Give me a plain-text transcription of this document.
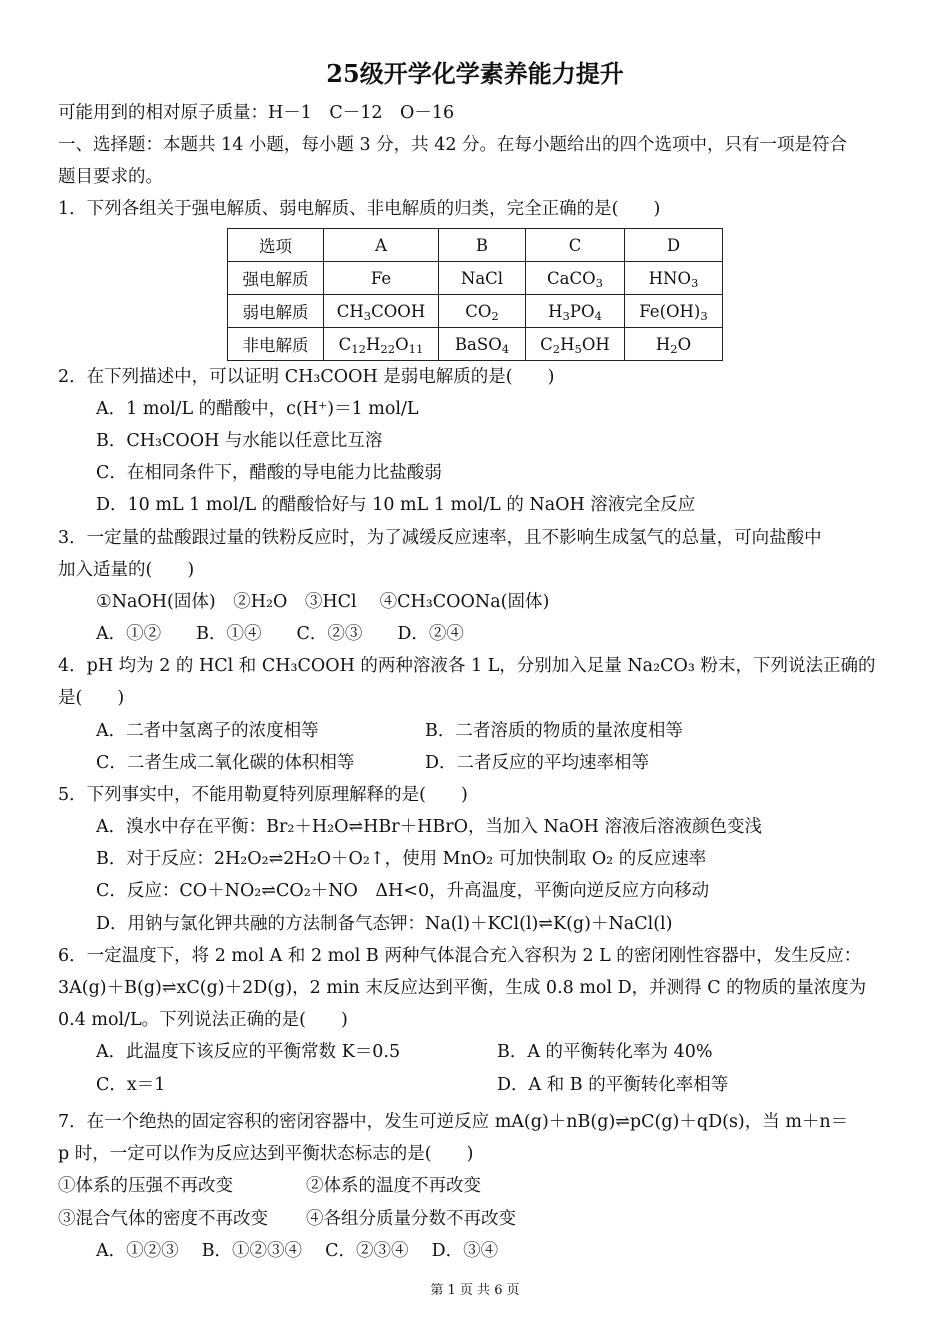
25级开学化学素养能力提升
可能用到的相对原子质量：H－1　C－12　O－16
一、选择题：本题共 14 小题，每小题 3 分，共 42 分。在每小题给出的四个选项中，只有一项是符合
题目要求的。
1．下列各组关于强电解质、弱电解质、非电解质的归类，完全正确的是(　　)
选项	A	B	C	D
强电解质	Fe	NaCl	CaCO$_3$	$HNO_3$
弱电解质	$CH_3COOH$	$CO_2$	$H_3PO_4$	$Fe(OH)_3$
非电解质	$C_{12}H_{22}O_{11}$	BaSO$_4$	$C_2H_5OH$	$H_2O$
2．在下列描述中，可以证明 CH₃COOH 是弱电解质的是(　　)
A．1 mol/L 的醋酸中，c(H⁺)＝1 mol/L
B．CH₃COOH 与水能以任意比互溶
C．在相同条件下，醋酸的导电能力比盐酸弱
D．10 mL 1 mol/L 的醋酸恰好与 10 mL 1 mol/L 的 NaOH 溶液完全反应
3．一定量的盐酸跟过量的铁粉反应时，为了减缓反应速率，且不影响生成氢气的总量，可向盐酸中
加入适量的(　　)
①NaOH(固体)　②H₂O　③HCl　 ④CH₃COONa(固体)
A．①②　　B．①④　　C．②③　　D．②④
4．pH 均为 2 的 HCl 和 CH₃COOH 的两种溶液各 1 L，分别加入足量 Na₂CO₃ 粉末，下列说法正确的
是(　　)
A．二者中氢离子的浓度相等	B．二者溶质的物质的量浓度相等
C．二者生成二氧化碳的体积相等	D．二者反应的平均速率相等
5．下列事实中，不能用勒夏特列原理解释的是(　　)
A．溴水中存在平衡：Br₂＋H₂O⇌HBr＋HBrO，当加入 NaOH 溶液后溶液颜色变浅
B．对于反应：2H₂O₂⇌2H₂O＋O₂↑，使用 MnO₂ 可加快制取 O₂ 的反应速率
C．反应：CO＋NO₂⇌CO₂＋NO　ΔH<0，升高温度，平衡向逆反应方向移动
D．用钠与氯化钾共融的方法制备气态钾：Na(l)＋KCl(l)⇌K(g)＋NaCl(l)
6．一定温度下，将 2 mol A 和 2 mol B 两种气体混合充入容积为 2 L 的密闭刚性容器中，发生反应：
3A(g)＋B(g)⇌xC(g)＋2D(g)，2 min 末反应达到平衡，生成 0.8 mol D，并测得 C 的物质的量浓度为
0.4 mol/L。下列说法正确的是(　　)
A．此温度下该反应的平衡常数 K＝0.5	B．A 的平衡转化率为 40%
C．x＝1	D．A 和 B 的平衡转化率相等
7．在一个绝热的固定容积的密闭容器中，发生可逆反应 mA(g)＋nB(g)⇌pC(g)＋qD(s)，当 m＋n＝
p 时，一定可以作为反应达到平衡状态标志的是(　　)
①体系的压强不再改变	②体系的温度不再改变
③混合气体的密度不再改变 ④各组分质量分数不再改变
A．①②③　 B．①②③④　 C．②③④　 D．③④
第 1 页 共 6 页
